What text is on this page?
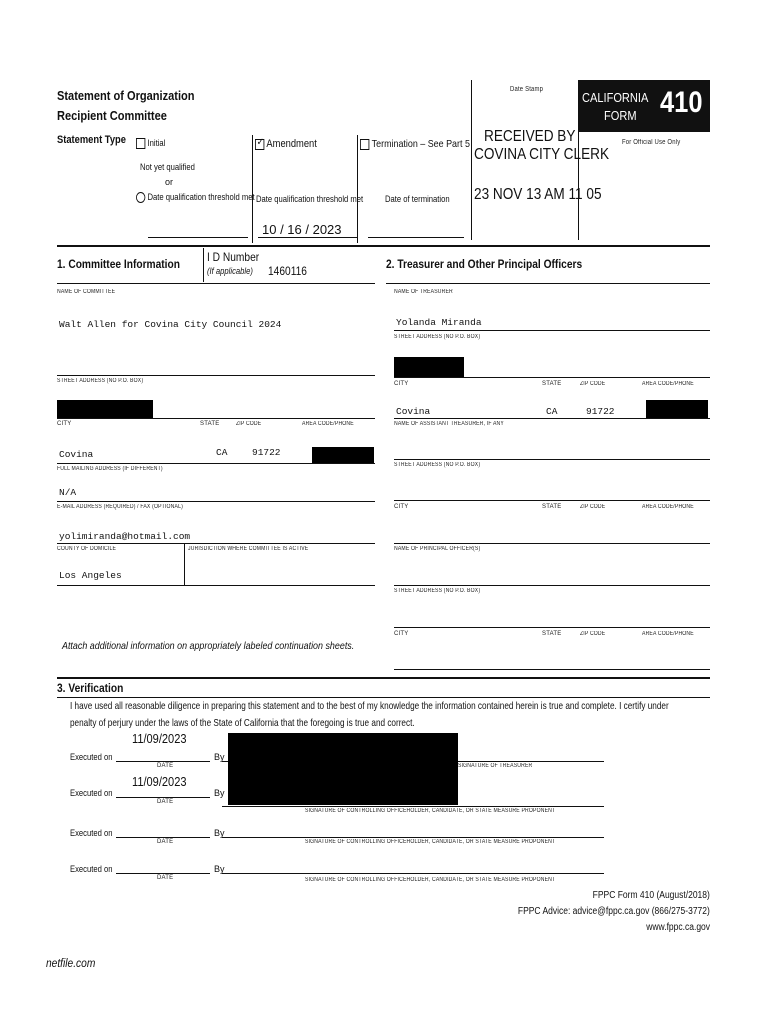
Statement of Organization
Recipient Committee
Statement Type	Initial
Not yet qualified
or
Date qualification threshold met
✓ Amendment
Date qualification threshold met
10 / 16 / 2023
Termination – See Part 5
Date of termination
Date Stamp
RECEIVED BY
COVINA CITY CLERK
23 NOV 13 AM 11 05
CALIFORNIA
FORM 410
For Official Use Only
1. Committee Information I D Number
(If applicable) 1460116
NAME OF COMMITTEE
Walt Allen for Covina City Council 2024
STREET ADDRESS (NO P.O. BOX)
CITY	STATE	ZIP CODE	AREA CODE/PHONE
Covina	CA	91722
FULL MAILING ADDRESS (IF DIFFERENT)
N/A
E-MAIL ADDRESS (REQUIRED) / FAX (OPTIONAL)
yolimiranda@hotmail.com
COUNTY OF DOMICILE	JURISDICTION WHERE COMMITTEE IS ACTIVE
Los Angeles
Attach additional information on appropriately labeled continuation sheets.
2. Treasurer and Other Principal Officers
NAME OF TREASURER
Yolanda Miranda
STREET ADDRESS (NO P.O. BOX)
CITY	STATE	ZIP CODE	AREA CODE/PHONE
Covina	CA	91722
NAME OF ASSISTANT TREASURER, IF ANY
STREET ADDRESS (NO P.O. BOX)
CITY	STATE	ZIP CODE	AREA CODE/PHONE
NAME OF PRINCIPAL OFFICER(S)
STREET ADDRESS (NO P.O. BOX)
CITY	STATE	ZIP CODE	AREA CODE/PHONE
3. Verification
I have used all reasonable diligence in preparing this statement and to the best of my knowledge the information contained herein is true and complete. I certify under
penalty of perjury under the laws of the State of California that the foregoing is true and correct.
11/09/2023
Executed on
DATE
By
SIGNATURE OF TREASURER
11/09/2023
Executed on
DATE
By
SIGNATURE OF CONTROLLING OFFICEHOLDER, CANDIDATE, OR STATE MEASURE PROPONENT
Executed on
DATE
By
SIGNATURE OF CONTROLLING OFFICEHOLDER, CANDIDATE, OR STATE MEASURE PROPONENT
Executed on
DATE
By
SIGNATURE OF CONTROLLING OFFICEHOLDER, CANDIDATE, OR STATE MEASURE PROPONENT
FPPC Form 410 (August/2018)
FPPC Advice: advice@fppc.ca.gov (866/275-3772)
www.fppc.ca.gov
netfile.com
